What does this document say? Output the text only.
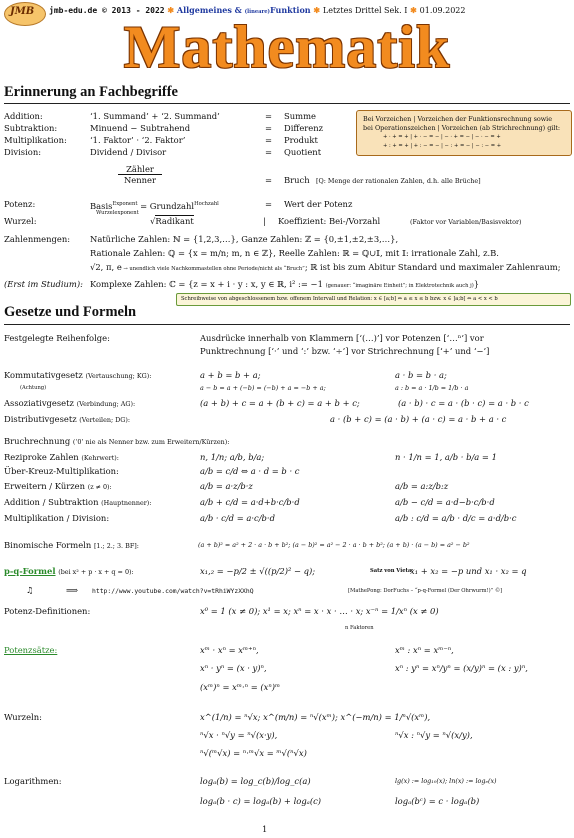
JMB jmb-edu.de © 2013 - 2022 ✱ Allgemeines & (lineare)Funktion ✱ Letztes Drittel Sek. I ✱ 01.09.2022
Mathematik
Erinnerung an Fachbegriffe
Addition:	‘1. Summand’ + ‘2. Summand’	= Summe
Subtraktion:	Minuend − Subtrahend	= Differenz
Multiplikation:	‘1. Faktor’ · ‘2. Faktor’	= Produkt
Division:	Dividend / Divisor	= Quotient
Bei Vorzeichen | Vorzeichen der Funktionsrechnung sowie
bei Operationszeichen | Vorzeichen (ab Strichrechnung) gilt:
+ · + = + | + · − = − | − · + = − | − · − = +
+ : + = + | + : − = − | − : + = − | − : − = +
Zähler
Nenner	= Bruch [Q: Menge der rationalen Zahlen, d.h. alle Brüche]
Potenz:	Basis$^{Exponent}$ = Grundzahl$^{Hochzahl}$	= Wert der Potenz
Wurzel:
Wurzelexponent
√Radikant	| Koeffizient: Bei-/Vorzahl	(Faktor vor Variablen/Basisvektor)
Zahlenmengen: Natürliche Zahlen: ℕ = {1,2,3,…}, Ganze Zahlen: ℤ = {0,±1,±2,±3,…},
Rationale Zahlen: ℚ = {x = m/n; m, n ∈ ℤ}, Reelle Zahlen: ℝ = ℚ∪𝕀, mit 𝕀: irrationale Zahl, z.B.
√2, π, e → unendlich viele Nachkommastellen ohne Periode/nicht als “Bruch”; ℝ ist bis zum Abitur Standard und maximaler Zahlenraum;
(Erst im Studium): Komplexe Zahlen: ℂ = {z = x + i · y : x, y ∈ ℝ, i² := −1 (genauer: “imaginäre Einheit”; in Elektrotechnik auch j)}
Schreibweise von abgeschlossenem bzw. offenem Intervall und Relation: x ∈ [a;b] ⇔ a ≤ x ≤ b bzw. x ∈ ]a;b[ ⇔ a < x < b
Gesetze und Formeln
Festgelegte Reihenfolge:	Ausdrücke innerhalb von Klammern [‘(…)’] vor Potenzen [‘…ⁿ’] vor
Punktrechnung [‘·’ und ‘:’ bzw. ‘÷’] vor Strichrechnung [‘+’ und ‘−’]
Kommutativgesetz (Vertauschung; KG):	a + b = b + a;	a · b = b · a;
(Achtung)	a − b = a + (−b) = (−b) + a = −b + a;	a : b = a · 1/b = 1/b · a
Assoziativgesetz (Verbindung; AG):	(a + b) + c = a + (b + c) = a + b + c;	(a · b) · c = a · (b · c) = a · b · c
Distributivgesetz (Verteilen; DG):	a · (b + c) = (a · b) + (a · c) = a · b + a · c
Bruchrechnung (‘0’ nie als Nenner bzw. zum Erweitern/Kürzen):
Reziproke Zahlen (Kehrwert):	n, 1/n; a/b, b/a;	n · 1/n = 1, a/b · b/a = 1
Über-Kreuz-Multiplikation:	a/b = c/d ⇔ a · d = b · c
Erweitern / Kürzen (z ≠ 0):	a/b = a·z/b·z	a/b = a:z/b:z
Addition / Subtraktion (Hauptnenner):	a/b + c/d = a·d+b·c/b·d	a/b − c/d = a·d−b·c/b·d
Multiplikation / Division:	a/b · c/d = a·c/b·d	a/b : c/d = a/b · d/c = a·d/b·c
Binomische Formeln [1.; 2.; 3. BF]:	(a + b)² = a² + 2 · a · b + b²; (a − b)² = a² − 2 · a · b + b²; (a + b) · (a − b) = a² − b²
p-q-Formel (bei x² + p · x + q = 0):	x₁,₂ = −p/2 ± √((p/2)² − q);	Satz von Vieta:
x₁ + x₂ = −p und x₁ · x₂ = q
♫	⟹ http://www.youtube.com/watch?v=tRhiWYzXXhQ	[MathePong: DorFuchs – “p-q-Formel (Der Ohrwurm!)” ©]
Potenz-Definitionen:	x⁰ = 1 (x ≠ 0); x¹ = x; xⁿ = x · x · … · x; x⁻ⁿ = 1/xⁿ (x ≠ 0)
n Faktoren
Potenzsätze:	xᵐ · xⁿ = xᵐ⁺ⁿ,	xᵐ : xⁿ = xᵐ⁻ⁿ,
xⁿ · yⁿ = (x · y)ⁿ,	xⁿ : yⁿ = xⁿ/yⁿ = (x/y)ⁿ = (x : y)ⁿ,
(xᵐ)ⁿ = xᵐ·ⁿ = (xⁿ)ᵐ
Wurzeln:	x^(1/n) = ⁿ√x; x^(m/n) = ⁿ√(xᵐ); x^(−m/n) = 1/ⁿ√(xᵐ),
ⁿ√x · ⁿ√y = ⁿ√(x·y),	ⁿ√x : ⁿ√y = ⁿ√(x/y),
ⁿ√(ᵐ√x) = ⁿ·ᵐ√x = ᵐ√(ⁿ√x)
Logarithmen:	logₐ(b) = log_c(b)/log_c(a)	lg(x) := log₁₀(x); ln(x) := logₑ(x)
logₐ(b · c) = logₐ(b) + logₐ(c)	logₐ(bᶜ) = c · logₐ(b)
1
